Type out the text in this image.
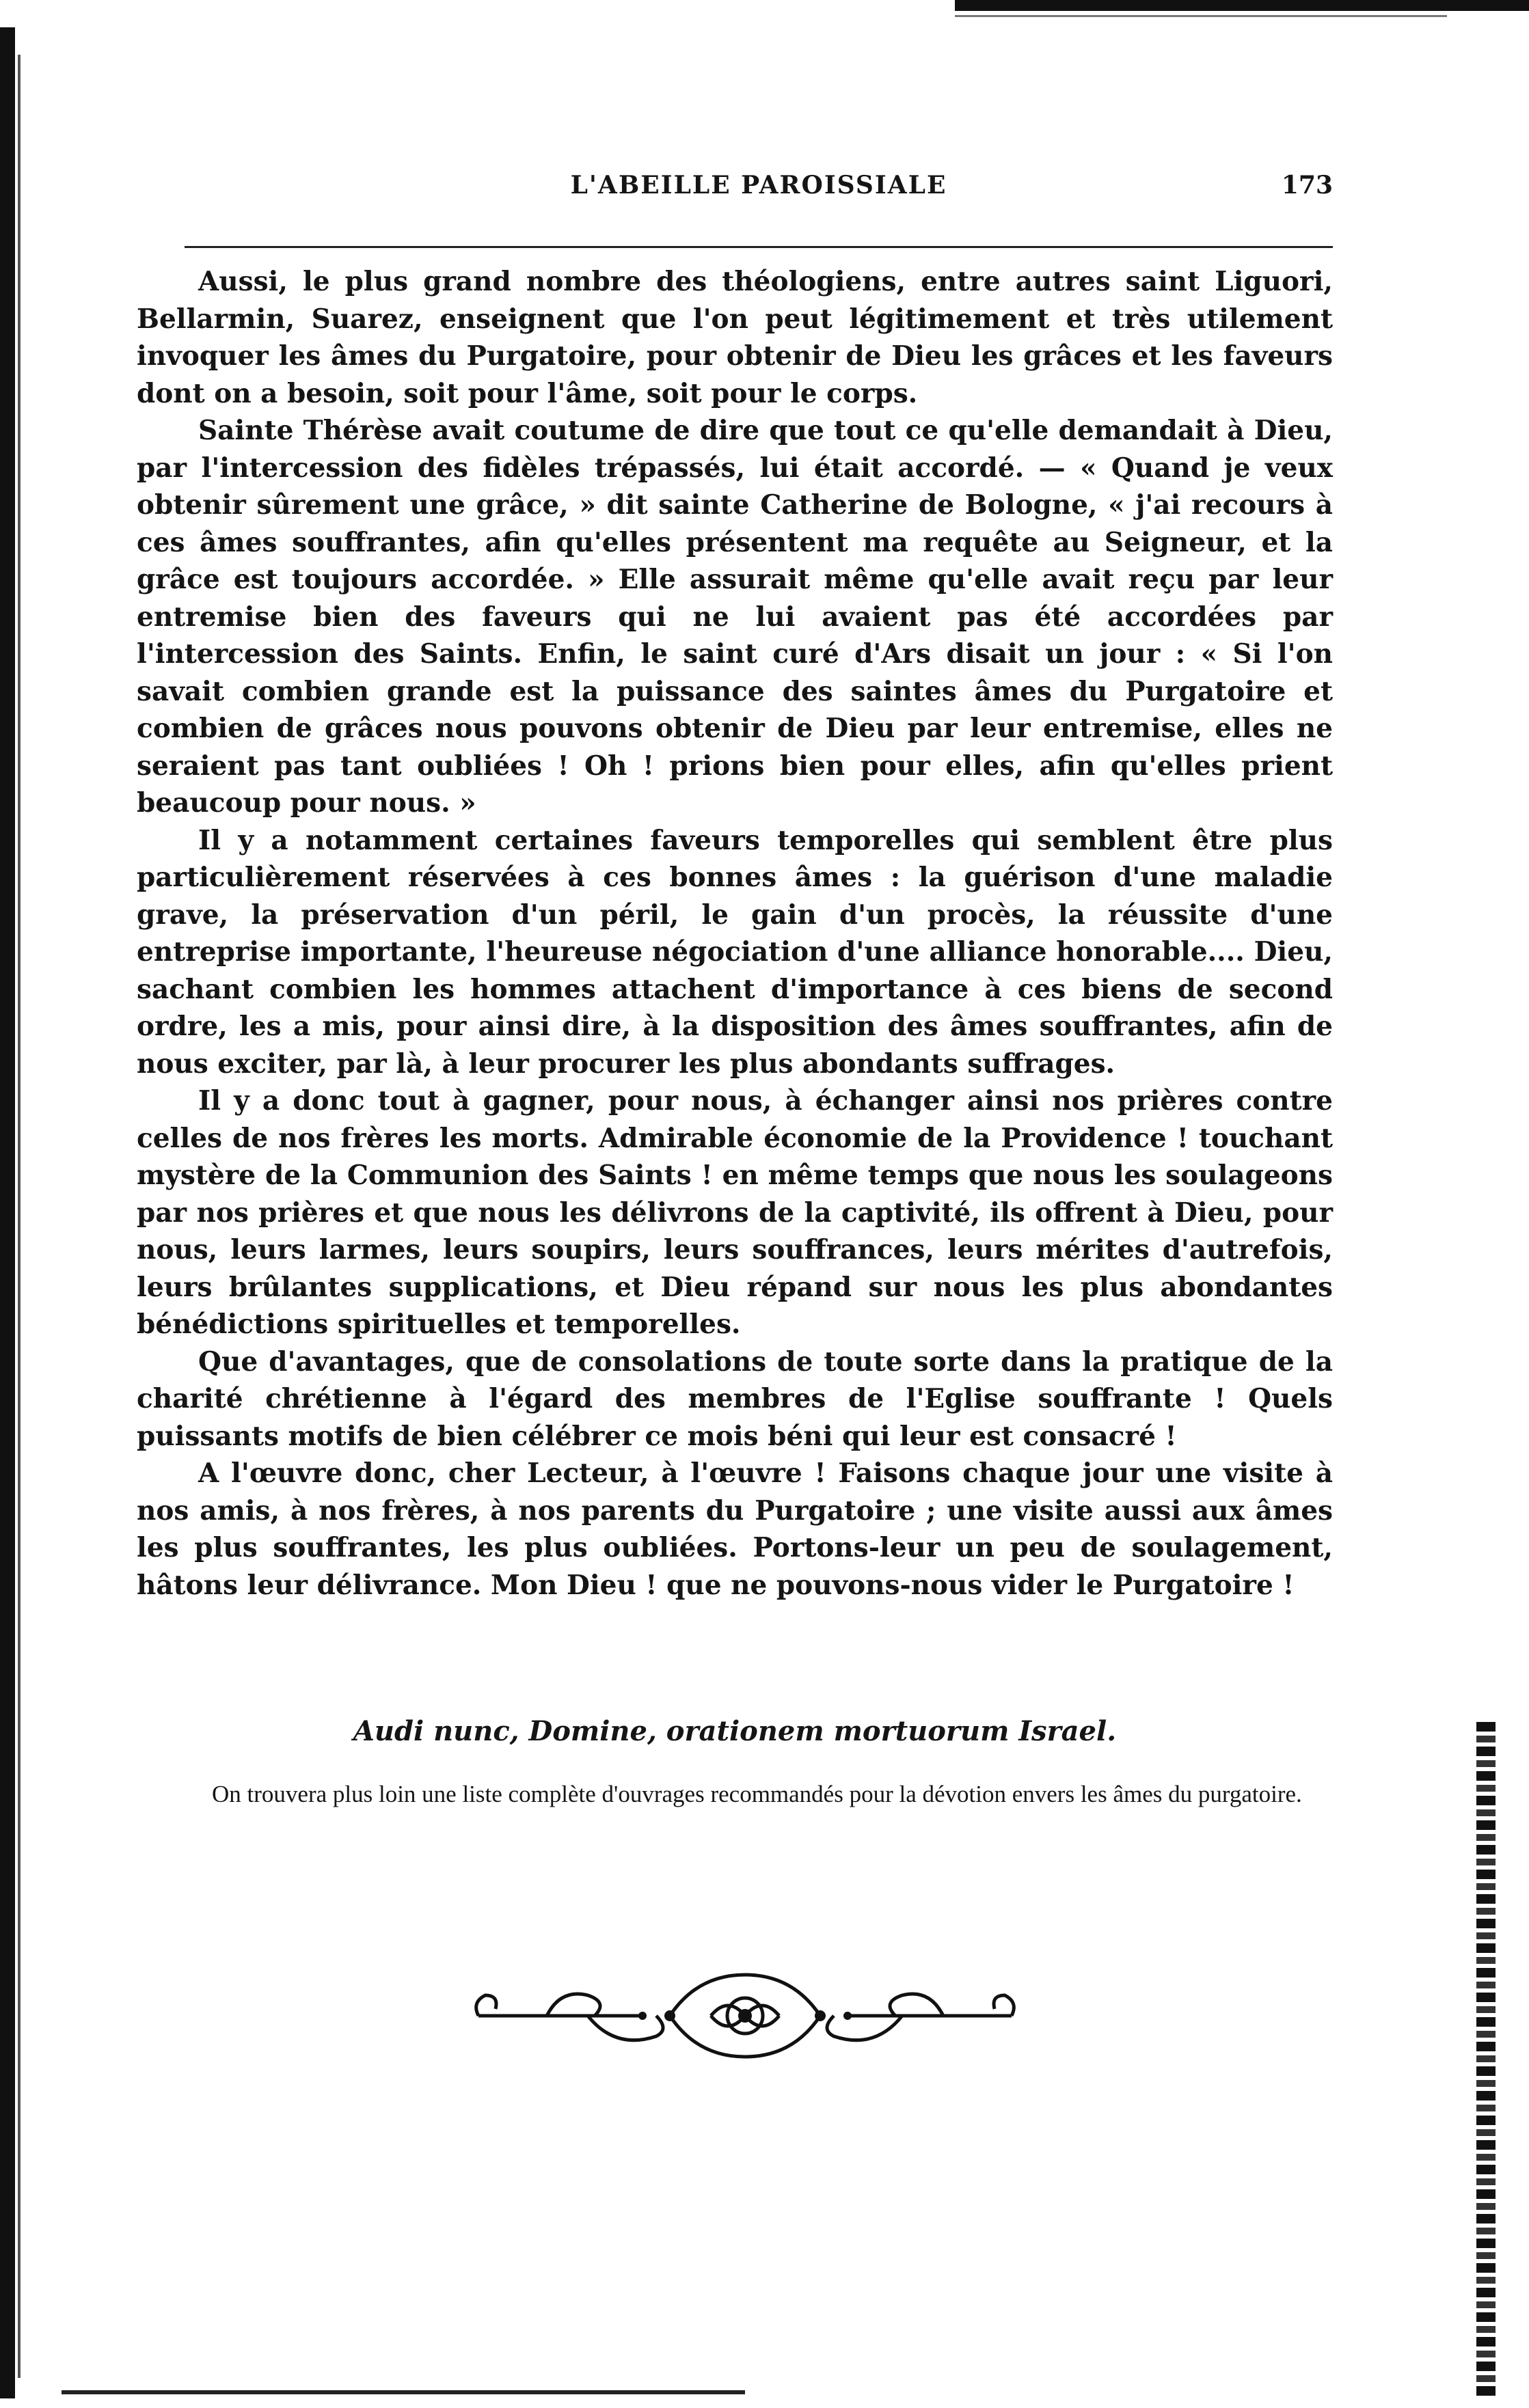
L'ABEILLE PAROISSIALE	173

Aussi, le plus grand nombre des théologiens, entre autres saint Liguori, Bellarmin, Suarez, enseignent que l'on peut légitimement et très utilement invoquer les âmes du Purgatoire, pour obtenir de Dieu les grâces et les faveurs dont on a besoin, soit pour l'âme, soit pour le corps.

Sainte Thérèse avait coutume de dire que tout ce qu'elle demandait à Dieu, par l'intercession des fidèles trépassés, lui était accordé. — « Quand je veux obtenir sûrement une grâce, » dit sainte Catherine de Bologne, « j'ai recours à ces âmes souffrantes, afin qu'elles présentent ma requête au Seigneur, et la grâce est toujours accordée. » Elle assurait même qu'elle avait reçu par leur entremise bien des faveurs qui ne lui avaient pas été accordées par l'intercession des Saints. Enfin, le saint curé d'Ars disait un jour : « Si l'on savait combien grande est la puissance des saintes âmes du Purgatoire et combien de grâces nous pouvons obtenir de Dieu par leur entremise, elles ne seraient pas tant oubliées ! Oh ! prions bien pour elles, afin qu'elles prient beaucoup pour nous. »

Il y a notamment certaines faveurs temporelles qui semblent être plus particulièrement réservées à ces bonnes âmes : la guérison d'une maladie grave, la préservation d'un péril, le gain d'un procès, la réussite d'une entreprise importante, l'heureuse négociation d'une alliance honorable.... Dieu, sachant combien les hommes attachent d'importance à ces biens de second ordre, les a mis, pour ainsi dire, à la disposition des âmes souffrantes, afin de nous exciter, par là, à leur procurer les plus abondants suffrages.

Il y a donc tout à gagner, pour nous, à échanger ainsi nos prières contre celles de nos frères les morts. Admirable économie de la Providence ! touchant mystère de la Communion des Saints ! en même temps que nous les soulageons par nos prières et que nous les délivrons de la captivité, ils offrent à Dieu, pour nous, leurs larmes, leurs soupirs, leurs souffrances, leurs mérites d'autrefois, leurs brûlantes supplications, et Dieu répand sur nous les plus abondantes bénédictions spirituelles et temporelles.

Que d'avantages, que de consolations de toute sorte dans la pratique de la charité chrétienne à l'égard des membres de l'Eglise souffrante ! Quels puissants motifs de bien célébrer ce mois béni qui leur est consacré !

A l'œuvre donc, cher Lecteur, à l'œuvre ! Faisons chaque jour une visite à nos amis, à nos frères, à nos parents du Purgatoire ; une visite aussi aux âmes les plus souffrantes, les plus oubliées. Portons-leur un peu de soulagement, hâtons leur délivrance. Mon Dieu ! que ne pouvons-nous vider le Purgatoire !

Audi nunc, Domine, orationem mortuorum Israel.
On trouvera plus loin une liste complète d'ouvrages recommandés pour la dévotion envers les âmes du purgatoire.
